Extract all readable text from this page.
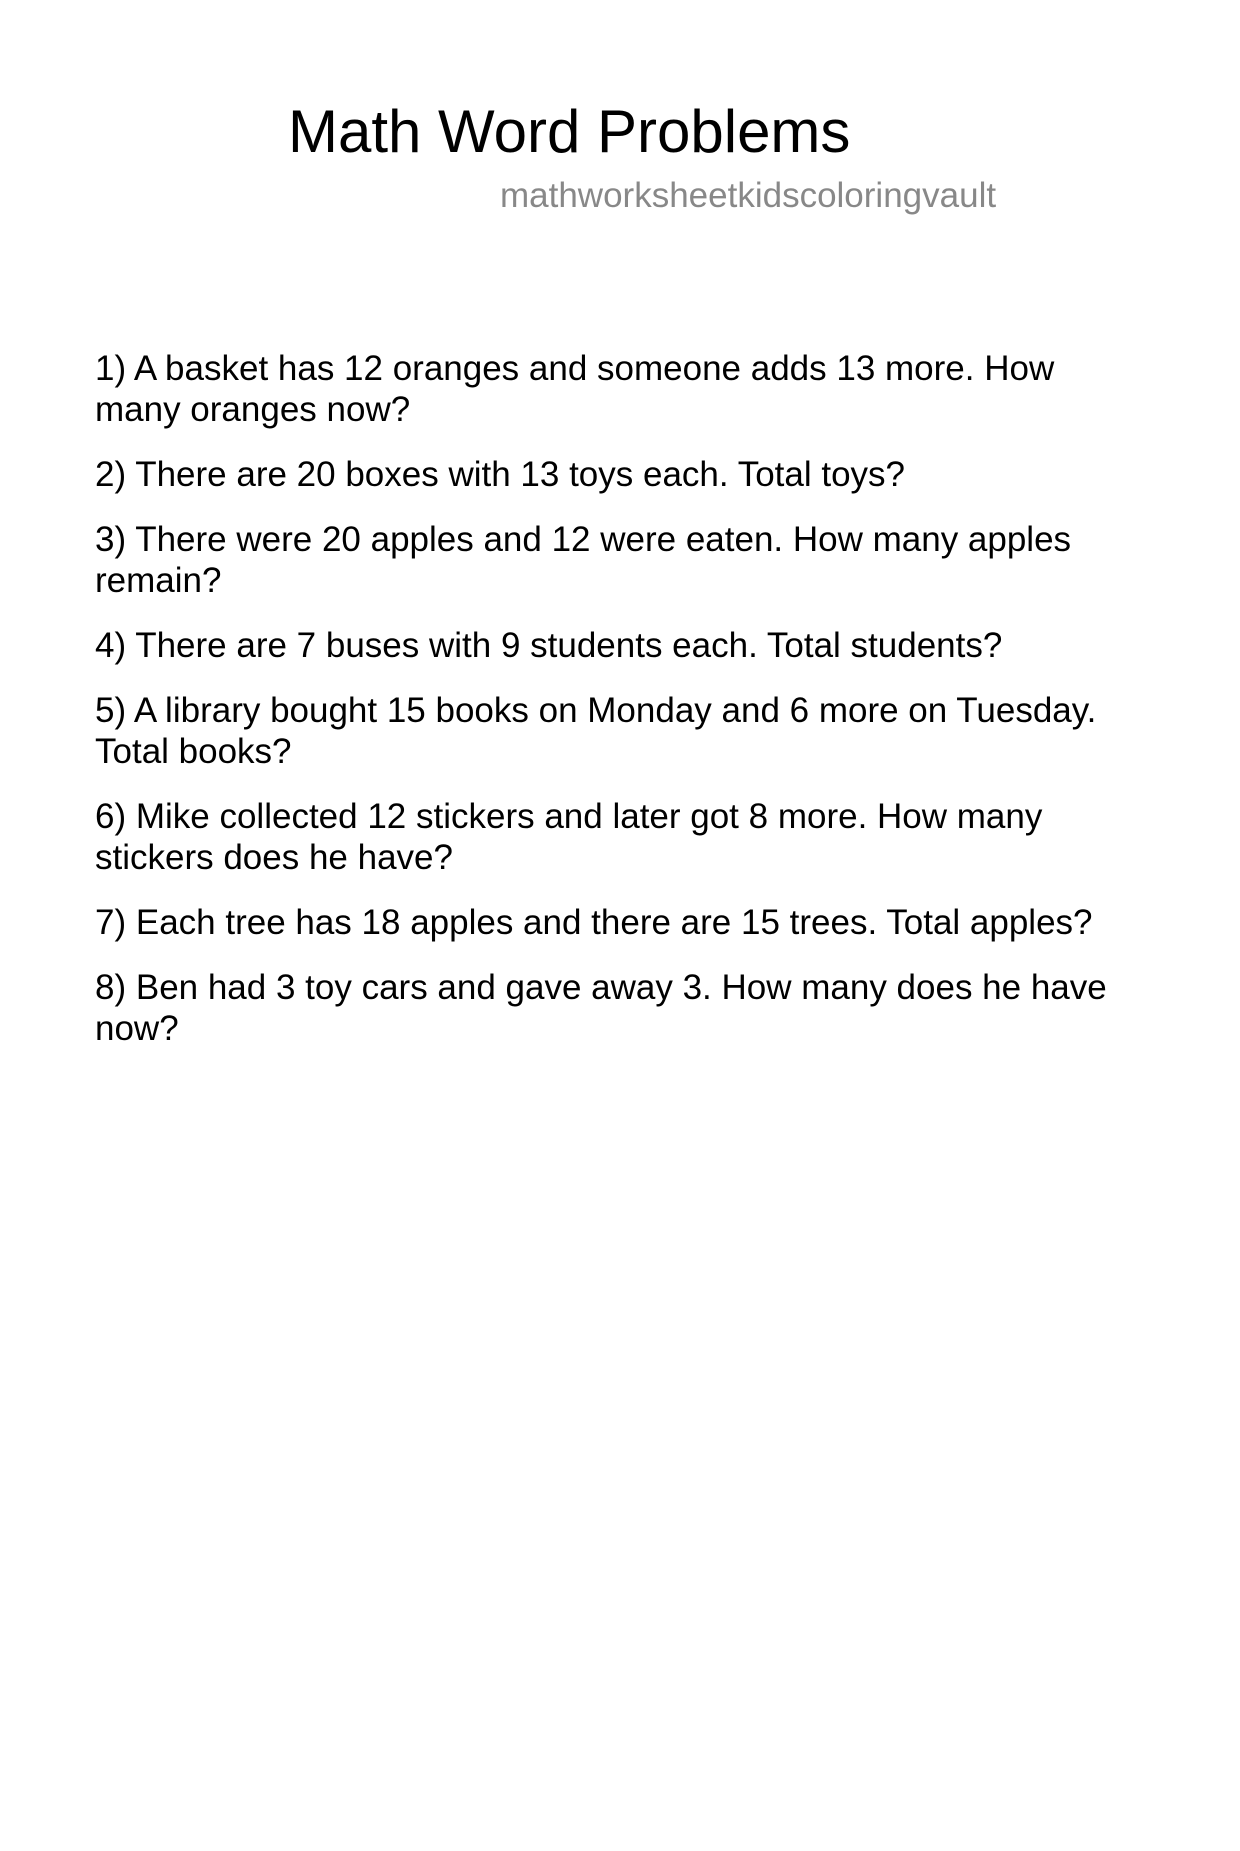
Math Word Problems
mathworksheetkidscoloringvault

1) A basket has 12 oranges and someone adds 13 more. How many oranges now?

2) There are 20 boxes with 13 toys each. Total toys?

3) There were 20 apples and 12 were eaten. How many apples remain?

4) There are 7 buses with 9 students each. Total students?

5) A library bought 15 books on Monday and 6 more on Tuesday. Total books?

6) Mike collected 12 stickers and later got 8 more. How many stickers does he have?

7) Each tree has 18 apples and there are 15 trees. Total apples?

8) Ben had 3 toy cars and gave away 3. How many does he have now?
